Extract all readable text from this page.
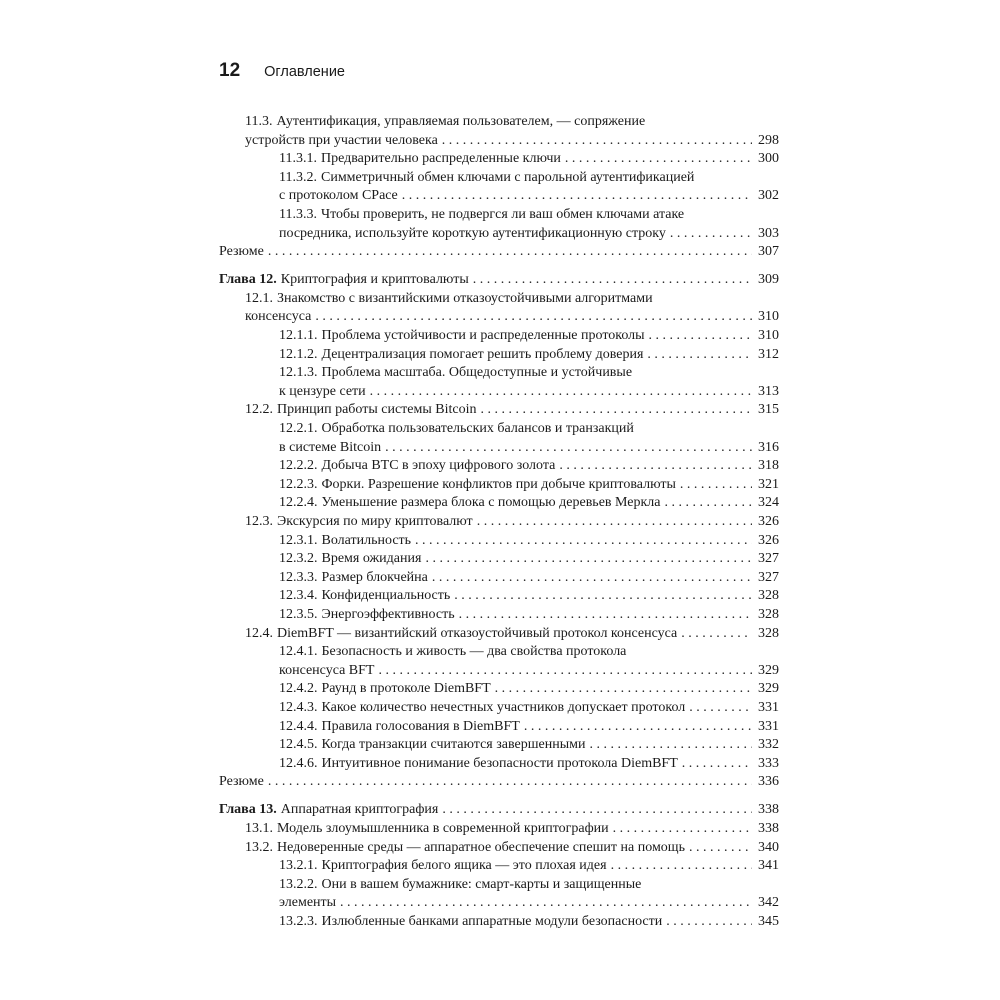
12 Оглавление
11.3. Аутентификация, управляемая пользователем, — сопряжение
устройств при участии человека . . .	298
11.3.1. Предварительно распределенные ключи . . .	300
11.3.2. Симметричный обмен ключами с парольной аутентификацией
с протоколом CPace . . .	302
11.3.3. Чтобы проверить, не подвергся ли ваш обмен ключами атаке
посредника, используйте короткую аутентификационную строку . . .	303
Резюме . . .	307
Глава 12. Криптография и криптовалюты . . .	309
12.1. Знакомство с византийскими отказоустойчивыми алгоритмами
консенсуса . . .	310
12.1.1. Проблема устойчивости и распределенные протоколы . . .	310
12.1.2. Децентрализация помогает решить проблему доверия . . .	312
12.1.3. Проблема масштаба. Общедоступные и устойчивые
к цензуре сети . . .	313
12.2. Принцип работы системы Bitcoin . . .	315
12.2.1. Обработка пользовательских балансов и транзакций
в системе Bitcoin . . .	316
12.2.2. Добыча BTC в эпоху цифрового золота . . .	318
12.2.3. Форки. Разрешение конфликтов при добыче криптовалюты . . .	321
12.2.4. Уменьшение размера блока с помощью деревьев Меркла . . .	324
12.3. Экскурсия по миру криптовалют . . .	326
12.3.1. Волатильность . . .	326
12.3.2. Время ожидания . . .	327
12.3.3. Размер блокчейна . . .	327
12.3.4. Конфиденциальность . . .	328
12.3.5. Энергоэффективность . . .	328
12.4. DiemBFT — византийский отказоустойчивый протокол консенсуса . . .	328
12.4.1. Безопасность и живость — два свойства протокола
консенсуса BFT . . .	329
12.4.2. Раунд в протоколе DiemBFT . . .	329
12.4.3. Какое количество нечестных участников допускает протокол . . .	331
12.4.4. Правила голосования в DiemBFT . . .	331
12.4.5. Когда транзакции считаются завершенными . . .	332
12.4.6. Интуитивное понимание безопасности протокола DiemBFT . . .	333
Резюме . . .	336
Глава 13. Аппаратная криптография . . .	338
13.1. Модель злоумышленника в современной криптографии . . .	338
13.2. Недоверенные среды — аппаратное обеспечение спешит на помощь . . .	340
13.2.1. Криптография белого ящика — это плохая идея . . .	341
13.2.2. Они в вашем бумажнике: смарт-карты и защищенные
элементы . . .	342
13.2.3. Излюбленные банками аппаратные модули безопасности . . .	345
